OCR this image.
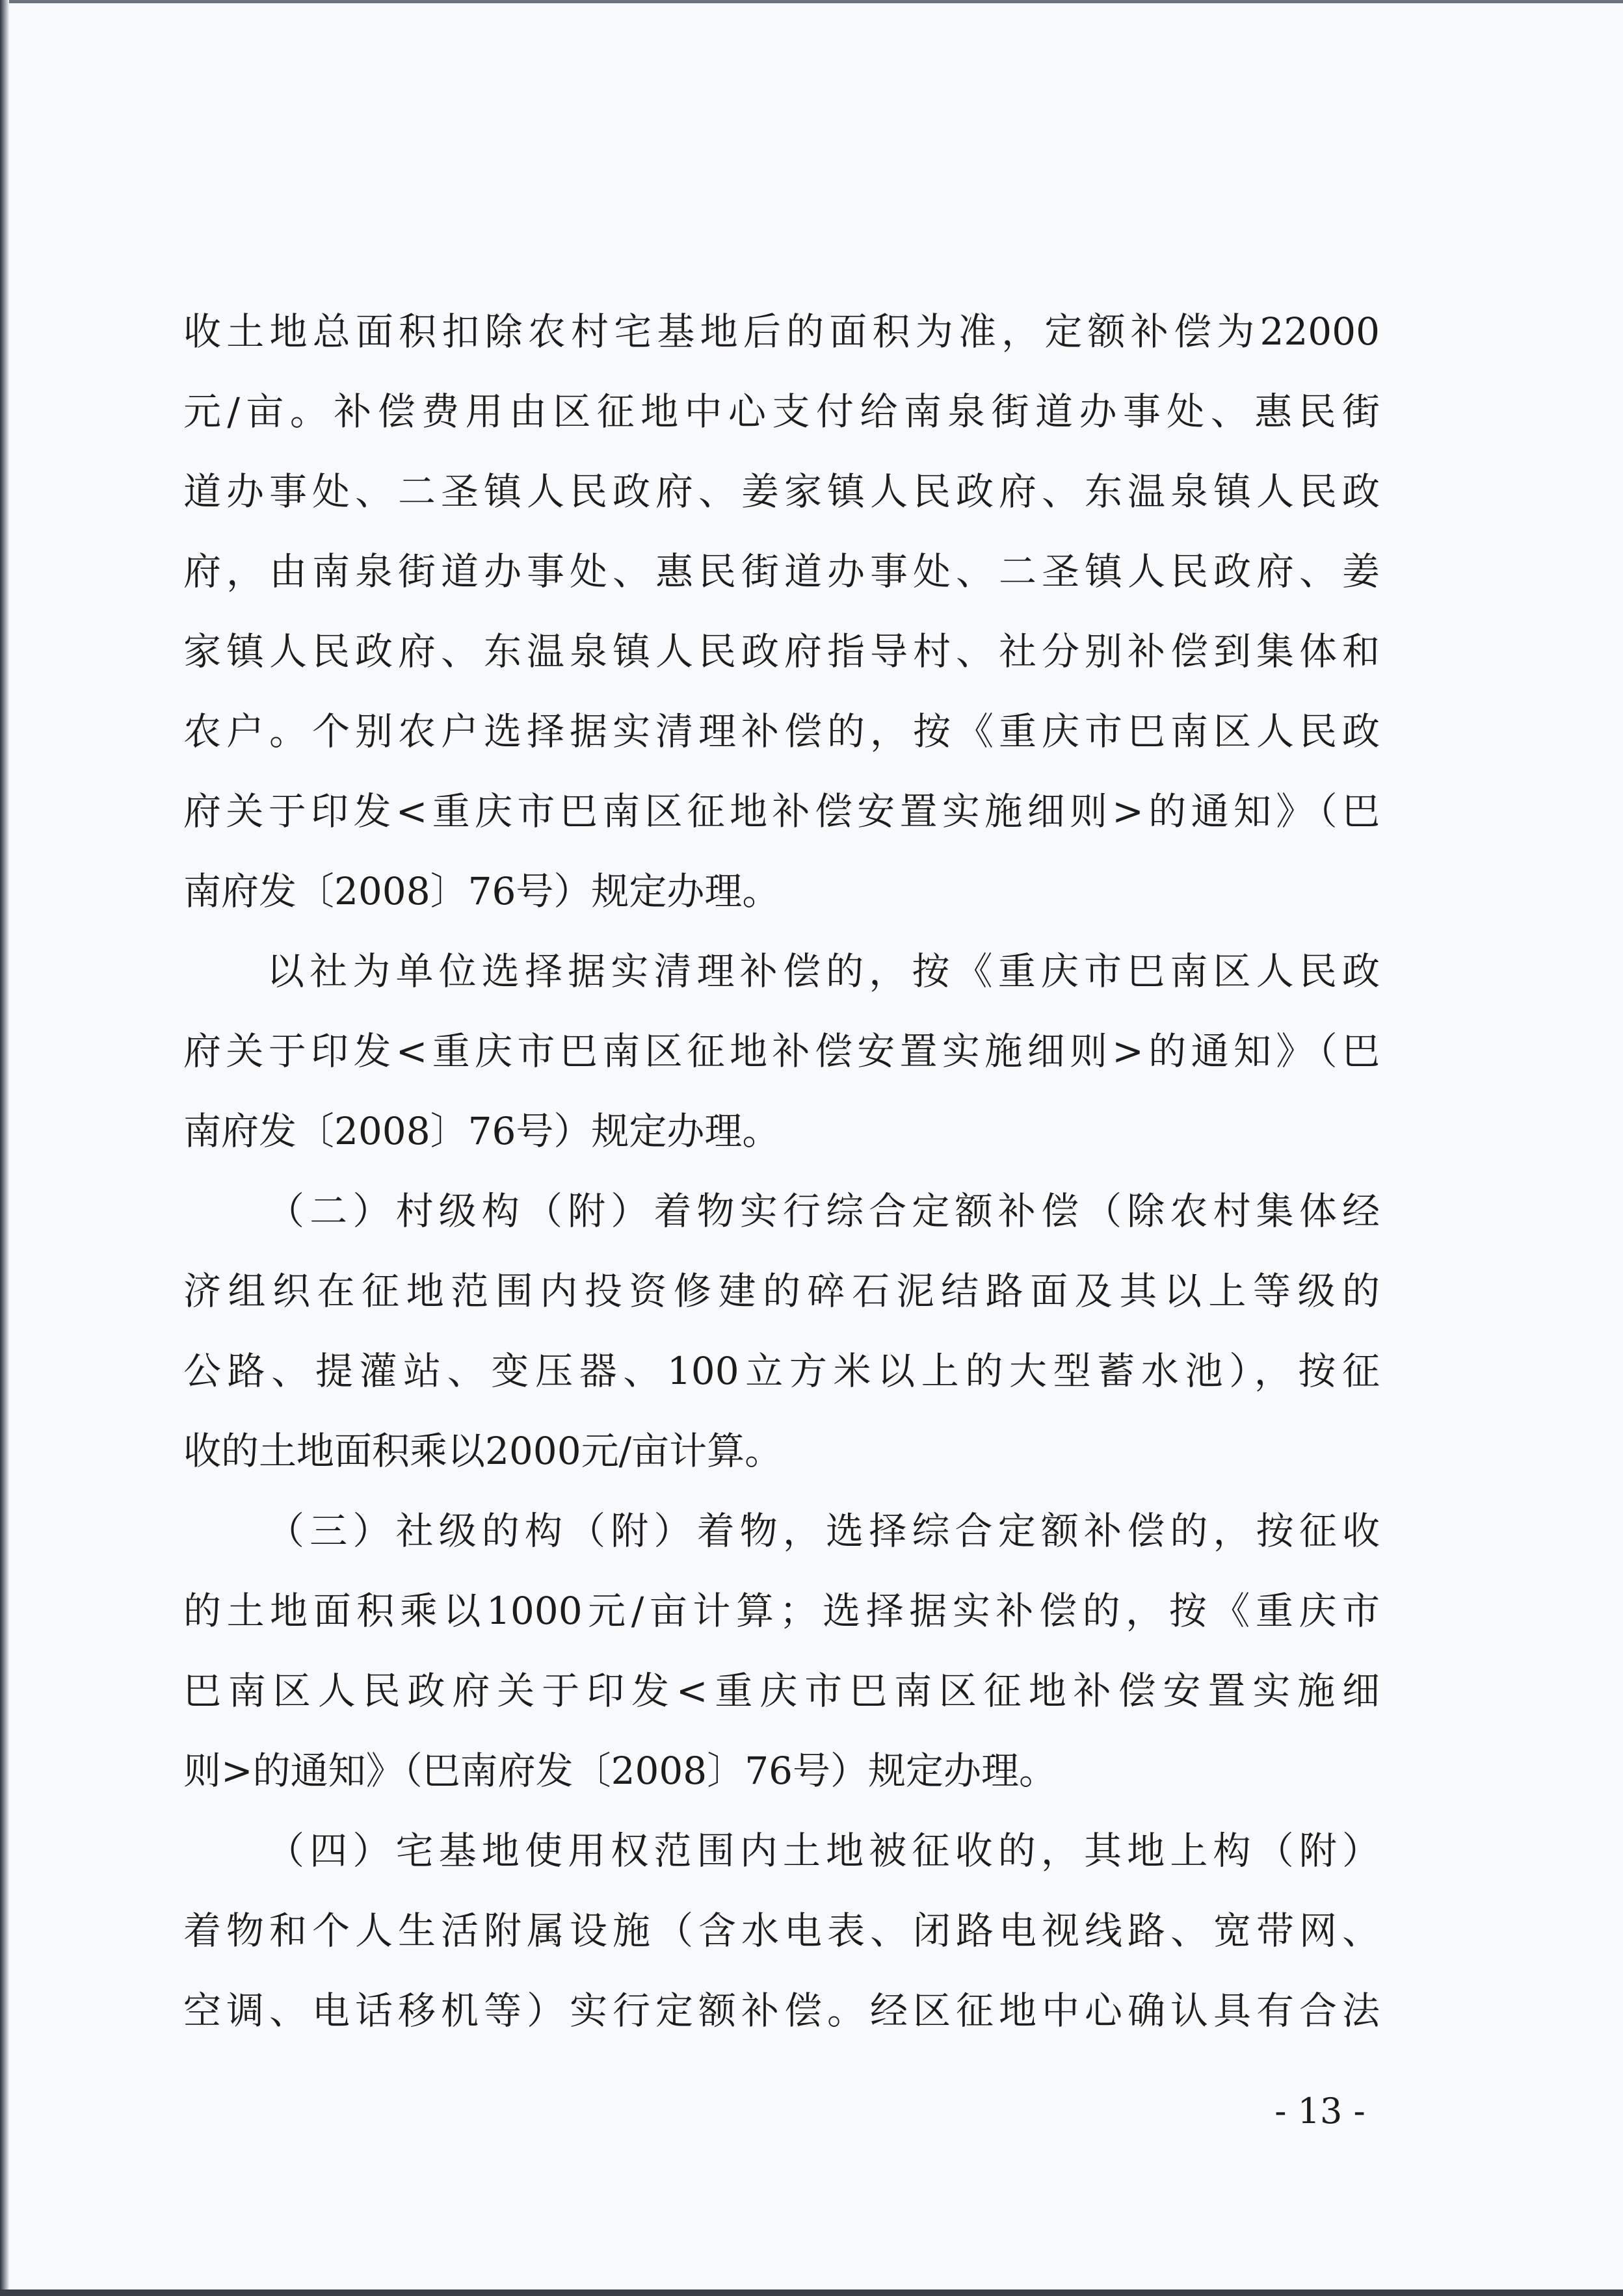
收土地总面积扣除农村宅基地后的面积为准，定额补偿为22000
元/亩。补偿费用由区征地中心支付给南泉街道办事处、惠民街
道办事处、二圣镇人民政府、姜家镇人民政府、东温泉镇人民政
府，由南泉街道办事处、惠民街道办事处、二圣镇人民政府、姜
家镇人民政府、东温泉镇人民政府指导村、社分别补偿到集体和
农户。个别农户选择据实清理补偿的，按《重庆市巴南区人民政
府关于印发<重庆市巴南区征地补偿安置实施细则>的通知》（巴
南府发〔2008〕76号）规定办理。
以社为单位选择据实清理补偿的，按《重庆市巴南区人民政
府关于印发<重庆市巴南区征地补偿安置实施细则>的通知》（巴
南府发〔2008〕76号）规定办理。
（二）村级构（附）着物实行综合定额补偿（除农村集体经
济组织在征地范围内投资修建的碎石泥结路面及其以上等级的
公路、提灌站、变压器、100立方米以上的大型蓄水池），按征
收的土地面积乘以2000元/亩计算。
（三）社级的构（附）着物，选择综合定额补偿的，按征收
的土地面积乘以1000元/亩计算；选择据实补偿的，按《重庆市
巴南区人民政府关于印发<重庆市巴南区征地补偿安置实施细
则>的通知》（巴南府发〔2008〕76号）规定办理。
（四）宅基地使用权范围内土地被征收的，其地上构（附）
着物和个人生活附属设施（含水电表、闭路电视线路、宽带网、
空调、电话移机等）实行定额补偿。经区征地中心确认具有合法
- 13 -
